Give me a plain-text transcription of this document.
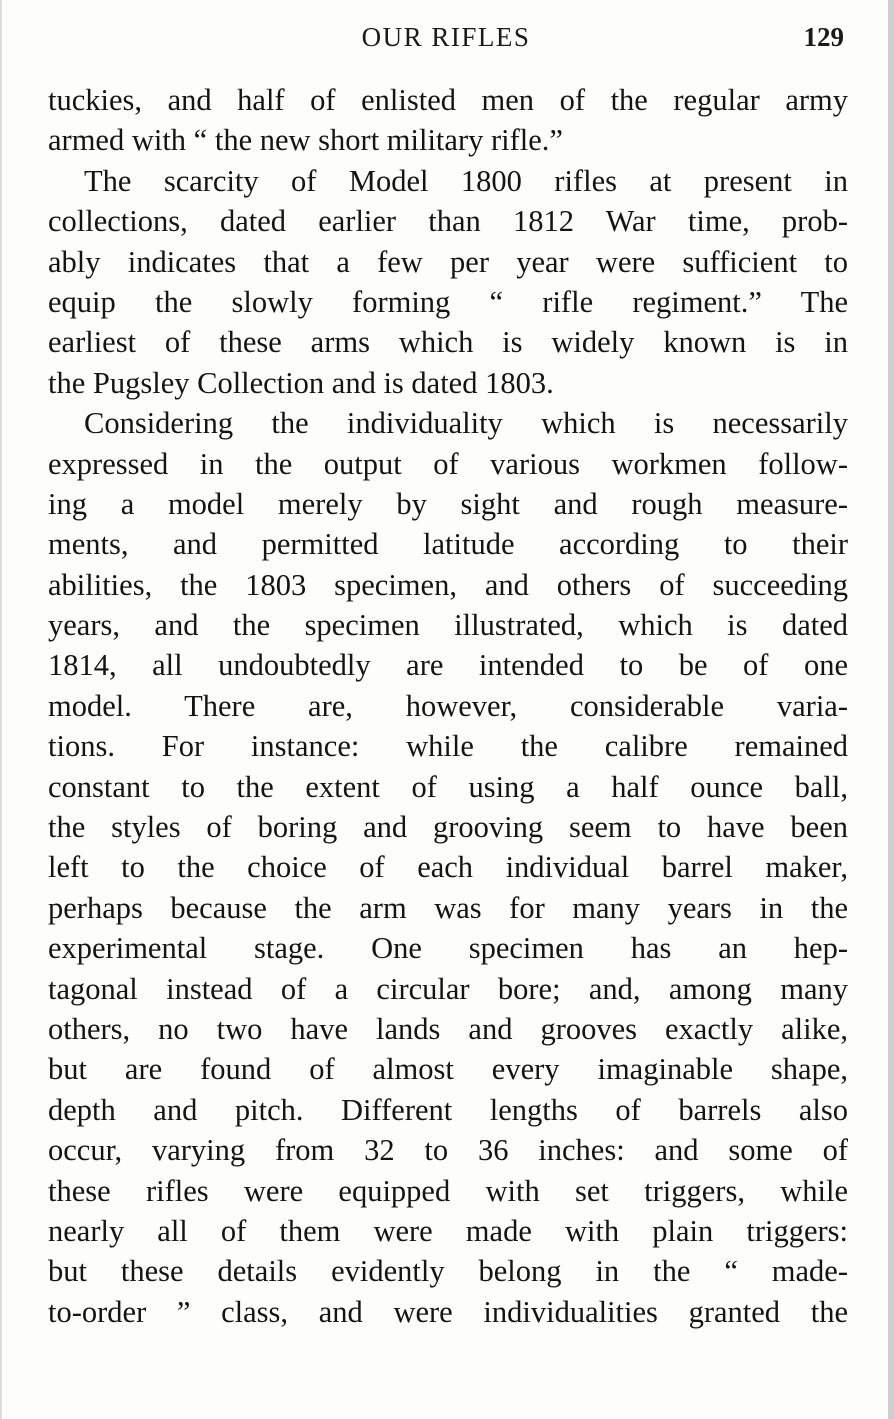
OUR RIFLES	129
tuckies, and half of enlisted men of the regular army
armed with “ the new short military rifle.”
The scarcity of Model 1800 rifles at present in
collections, dated earlier than 1812 War time, prob-
ably indicates that a few per year were sufficient to
equip the slowly forming “ rifle regiment.” The
earliest of these arms which is widely known is in
the Pugsley Collection and is dated 1803.
Considering the individuality which is necessarily
expressed in the output of various workmen follow-
ing a model merely by sight and rough measure-
ments, and permitted latitude according to their
abilities, the 1803 specimen, and others of succeeding
years, and the specimen illustrated, which is dated
1814, all undoubtedly are intended to be of one
model. There are, however, considerable varia-
tions. For instance: while the calibre remained
constant to the extent of using a half ounce ball,
the styles of boring and grooving seem to have been
left to the choice of each individual barrel maker,
perhaps because the arm was for many years in the
experimental stage. One specimen has an hep-
tagonal instead of a circular bore; and, among many
others, no two have lands and grooves exactly alike,
but are found of almost every imaginable shape,
depth and pitch. Different lengths of barrels also
occur, varying from 32 to 36 inches: and some of
these rifles were equipped with set triggers, while
nearly all of them were made with plain triggers:
but these details evidently belong in the “ made-
to-order ” class, and were individualities granted the
